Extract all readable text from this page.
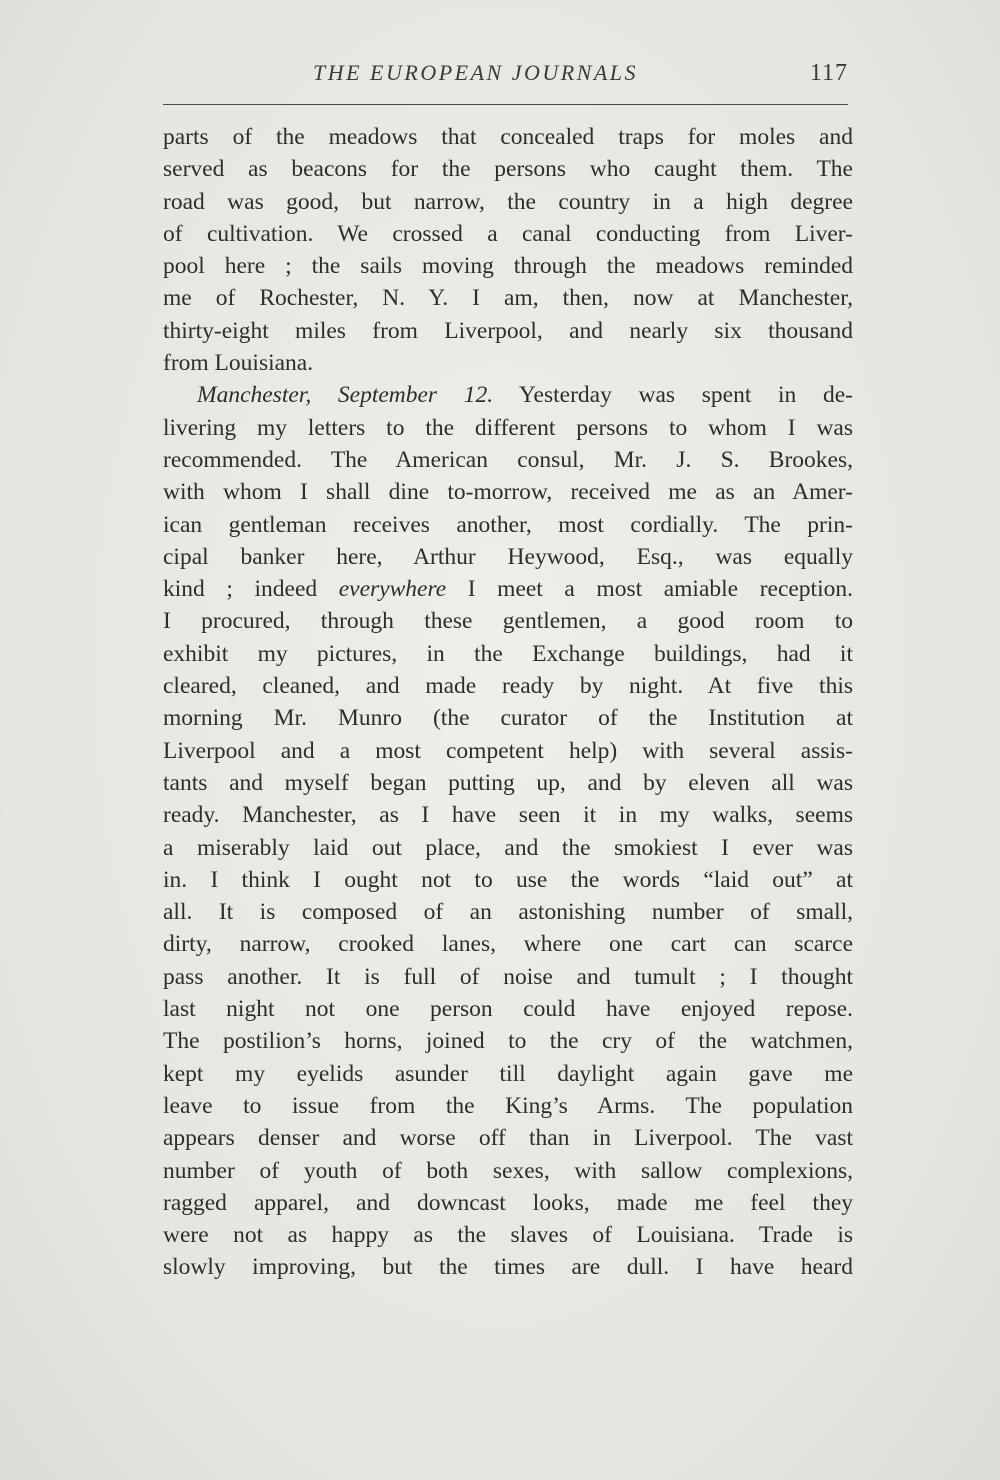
THE EUROPEAN JOURNALS	117
parts of the meadows that concealed traps for moles and
served as beacons for the persons who caught them. The
road was good, but narrow, the country in a high degree
of cultivation. We crossed a canal conducting from Liver-
pool here ; the sails moving through the meadows reminded
me of Rochester, N. Y. I am, then, now at Manchester,
thirty-eight miles from Liverpool, and nearly six thousand
from Louisiana.
Manchester, September 12. Yesterday was spent in de-
livering my letters to the different persons to whom I was
recommended. The American consul, Mr. J. S. Brookes,
with whom I shall dine to-morrow, received me as an Amer-
ican gentleman receives another, most cordially. The prin-
cipal banker here, Arthur Heywood, Esq., was equally
kind ; indeed everywhere I meet a most amiable reception.
I procured, through these gentlemen, a good room to
exhibit my pictures, in the Exchange buildings, had it
cleared, cleaned, and made ready by night. At five this
morning Mr. Munro (the curator of the Institution at
Liverpool and a most competent help) with several assis-
tants and myself began putting up, and by eleven all was
ready. Manchester, as I have seen it in my walks, seems
a miserably laid out place, and the smokiest I ever was
in. I think I ought not to use the words “laid out” at
all. It is composed of an astonishing number of small,
dirty, narrow, crooked lanes, where one cart can scarce
pass another. It is full of noise and tumult ; I thought
last night not one person could have enjoyed repose.
The postilion’s horns, joined to the cry of the watchmen,
kept my eyelids asunder till daylight again gave me
leave to issue from the King’s Arms. The population
appears denser and worse off than in Liverpool. The vast
number of youth of both sexes, with sallow complexions,
ragged apparel, and downcast looks, made me feel they
were not as happy as the slaves of Louisiana. Trade is
slowly improving, but the times are dull. I have heard
